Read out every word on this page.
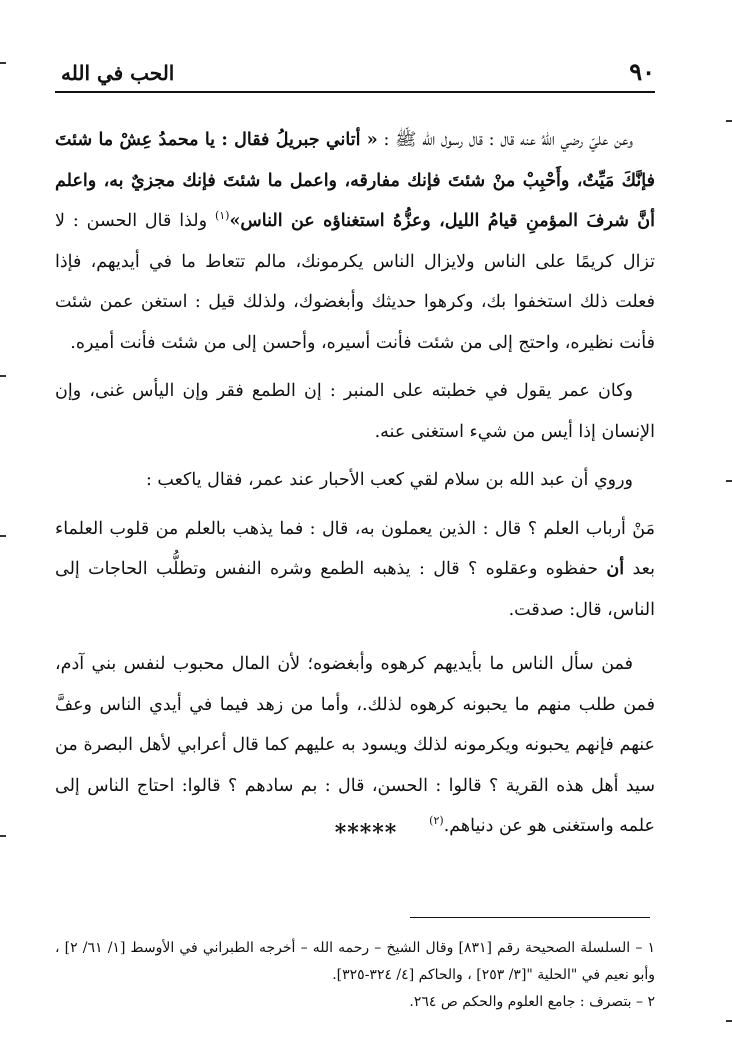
٩٠
الحب في الله

وعن عليّ رضي اللهُ عنه قال : قال رسول الله ﷺ : « أتاني جبريلُ فقال : يا محمدُ عِشْ ما شئتَ فإنَّكَ مَيِّتٌ، وأَحْبِبْ منْ شئتَ فإنك مفارقه، واعمل ما شئتَ فإنك مجزيٌ به، واعلم أنَّ شرفَ المؤمنِ قيامُ الليل، وعزُّهُ استغناؤه عن الناس»$^{(١)}$ ولذا قال الحسن : لا تزال كريمًا على الناس ولايزال الناس يكرمونك، مالم تتعاط ما في أيديهم، فإذا فعلت ذلك استخفوا بك، وكرهوا حديثك وأبغضوك، ولذلك قيل : استغن عمن شئت فأنت نظيره، واحتج إلى من شئت فأنت أسيره، وأحسن إلى من شئت فأنت أميره.

وكان عمر يقول في خطبته على المنبر : إن الطمع فقر وإن اليأس غنى، وإن الإنسان إذا أيس من شيء استغنى عنه.

وروي أن عبد الله بن سلام لقي كعب الأحبار عند عمر، فقال ياكعب :

مَنْ أرباب العلم ؟ قال : الذين يعملون به، قال : فما يذهب بالعلم من قلوب العلماء بعد أن حفظوه وعقلوه ؟ قال : يذهبه الطمع وشره النفس وتطلُّب الحاجات إلى الناس، قال: صدقت.

فمن سأل الناس ما بأيديهم كرهوه وأبغضوه؛ لأن المال محبوب لنفس بني آدم، فمن طلب منهم ما يحبونه كرهوه لذلك.، وأما من زهد فيما في أيدي الناس وعفَّ عنهم فإنهم يحبونه ويكرمونه لذلك ويسود به عليهم كما قال أعرابي لأهل البصرة من سيد أهل هذه القرية ؟ قالوا : الحسن، قال : بم سادهم ؟ قالوا: احتاج الناس إلى علمه واستغنى هو عن دنياهم.$^{(٢)}$

*****

١ – السلسلة الصحيحة رقم [٨٣١] وقال الشيخ – رحمه الله – أخرجه الطبراني في الأوسط [١/ ٦١/ ٢] ، وأبو نعيم في "الحلية "[٣/ ٢٥٣] ، والحاكم [٤/ ٣٢٤-٣٢٥].

٢ – بتصرف : جامع العلوم والحكم ص ٢٦٤.
